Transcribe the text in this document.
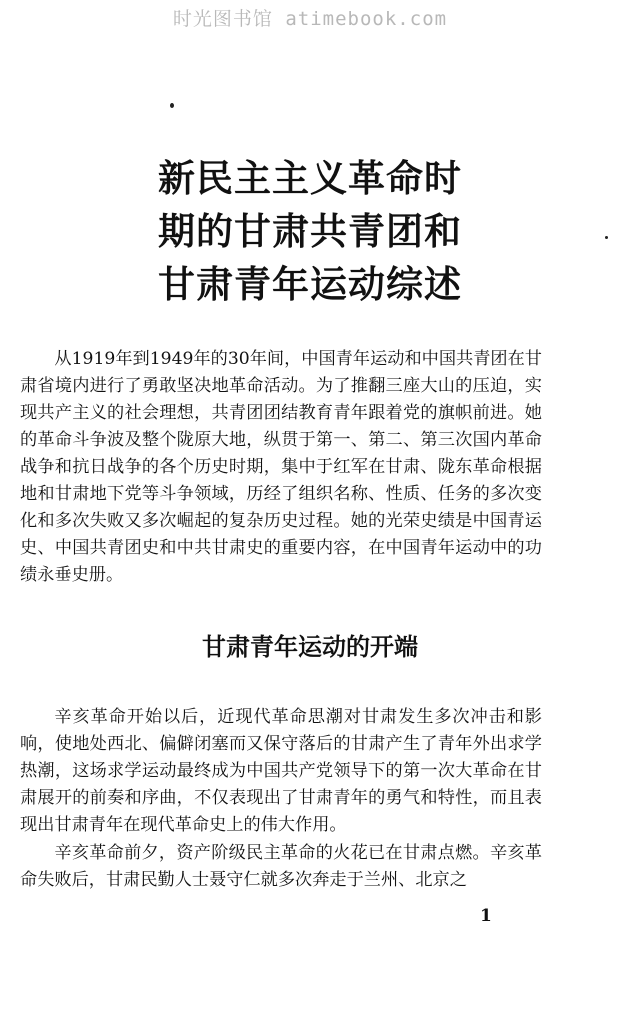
时光图书馆 atimebook.com
新民主主义革命时
期的甘肃共青团和
甘肃青年运动综述

从1919年到1949年的30年间，中国青年运动和中国共青团在甘肃省境内进行了勇敢坚决地革命活动。为了推翻三座大山的压迫，实现共产主义的社会理想，共青团团结教育青年跟着党的旗帜前进。她的革命斗争波及整个陇原大地，纵贯于第一、第二、第三次国内革命战争和抗日战争的各个历史时期，集中于红军在甘肃、陇东革命根据地和甘肃地下党等斗争领域，历经了组织名称、性质、任务的多次变化和多次失败又多次崛起的复杂历史过程。她的光荣史绩是中国青运史、中国共青团史和中共甘肃史的重要内容，在中国青年运动中的功绩永垂史册。

甘肃青年运动的开端

辛亥革命开始以后，近现代革命思潮对甘肃发生多次冲击和影响，使地处西北、偏僻闭塞而又保守落后的甘肃产生了青年外出求学热潮，这场求学运动最终成为中国共产党领导下的第一次大革命在甘肃展开的前奏和序曲，不仅表现出了甘肃青年的勇气和特性，而且表现出甘肃青年在现代革命史上的伟大作用。

辛亥革命前夕，资产阶级民主革命的火花已在甘肃点燃。辛亥革命失败后，甘肃民勤人士聂守仁就多次奔走于兰州、北京之

1
